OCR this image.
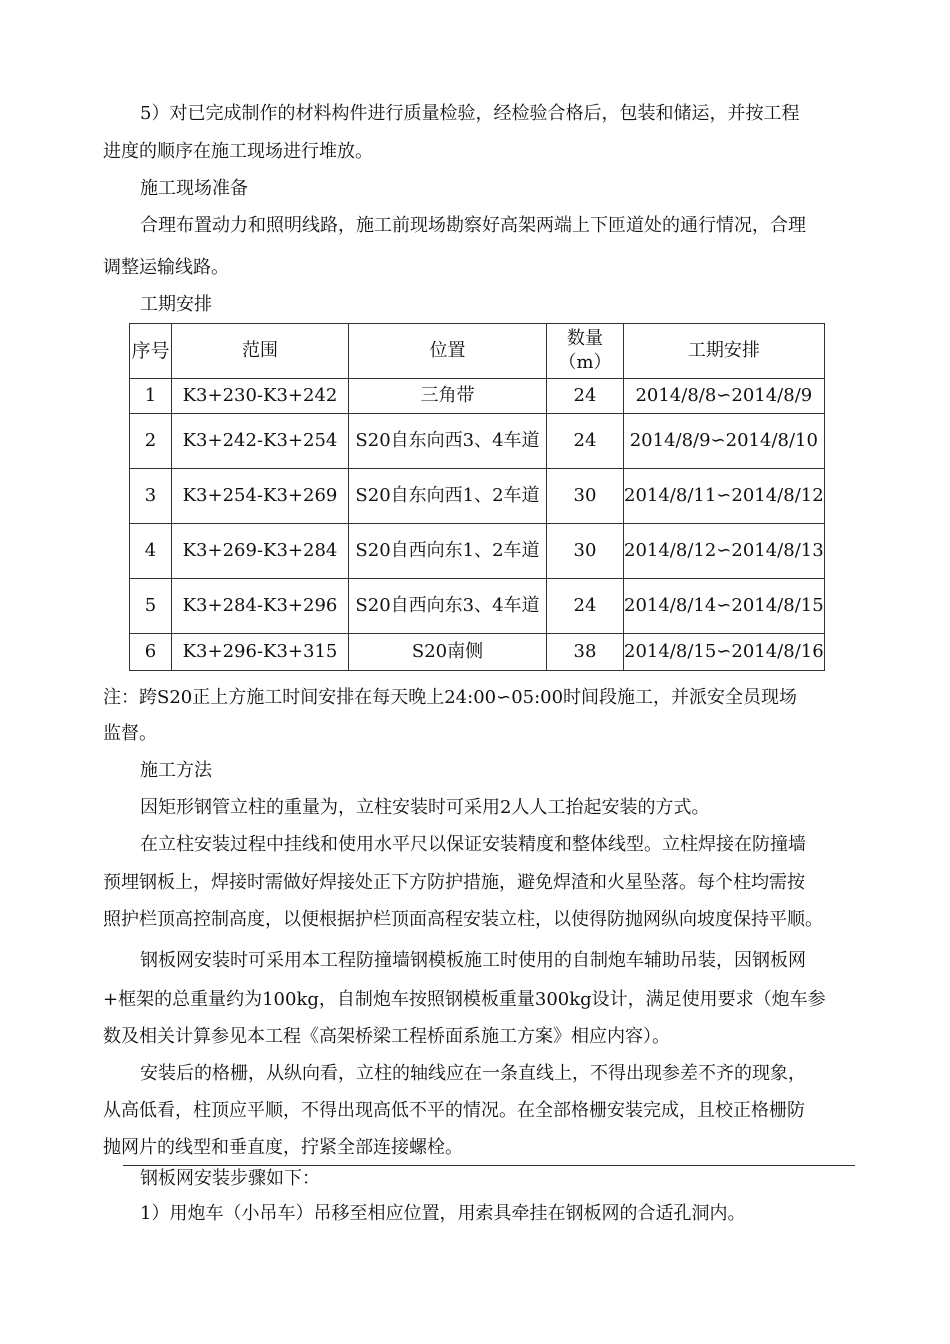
5）对已完成制作的材料构件进行质量检验，经检验合格后，包装和储运，并按工程
进度的顺序在施工现场进行堆放。
施工现场准备
合理布置动力和照明线路，施工前现场勘察好高架两端上下匝道处的通行情况，合理
调整运输线路。
工期安排
序号	范围	位置	数量（m）	工期安排
1	K3+230-K3+242	三角带	24	2014/8/8∽2014/8/9
2	K3+242-K3+254	S20自东向西3、4车道	24	2014/8/9∽2014/8/10
3	K3+254-K3+269	S20自东向西1、2车道	30	2014/8/11∽2014/8/12
4	K3+269-K3+284	S20自西向东1、2车道	30	2014/8/12∽2014/8/13
5	K3+284-K3+296	S20自西向东3、4车道	24	2014/8/14∽2014/8/15
6	K3+296-K3+315	S20南侧	38	2014/8/15∽2014/8/16
注：跨S20正上方施工时间安排在每天晚上24:00∽05:00时间段施工，并派安全员现场
监督。
施工方法
因矩形钢管立柱的重量为，立柱安装时可采用2人人工抬起安装的方式。
在立柱安装过程中挂线和使用水平尺以保证安装精度和整体线型。立柱焊接在防撞墙
预埋钢板上，焊接时需做好焊接处正下方防护措施，避免焊渣和火星坠落。每个柱均需按
照护栏顶高控制高度，以便根据护栏顶面高程安装立柱，以使得防抛网纵向坡度保持平顺。
钢板网安装时可采用本工程防撞墙钢模板施工时使用的自制炮车辅助吊装，因钢板网
+框架的总重量约为100kg，自制炮车按照钢模板重量300kg设计，满足使用要求（炮车参
数及相关计算参见本工程《高架桥梁工程桥面系施工方案》相应内容）。
安装后的格栅，从纵向看，立柱的轴线应在一条直线上，不得出现参差不齐的现象，
从高低看，柱顶应平顺，不得出现高低不平的情况。在全部格栅安装完成，且校正格栅防
抛网片的线型和垂直度，拧紧全部连接螺栓。
钢板网安装步骤如下：
1）用炮车（小吊车）吊移至相应位置，用索具牵挂在钢板网的合适孔洞内。
